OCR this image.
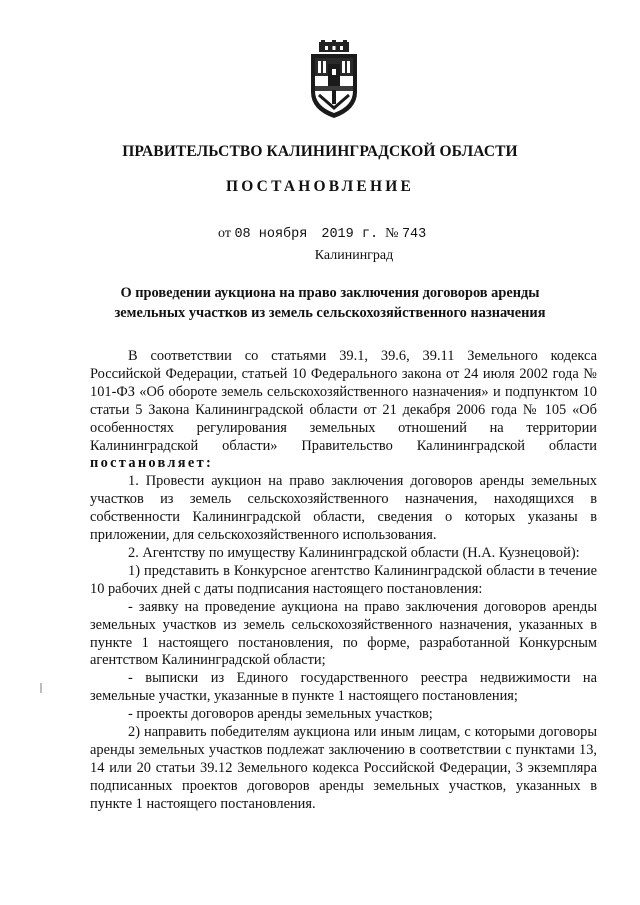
ПРАВИТЕЛЬСТВО КАЛИНИНГРАДСКОЙ ОБЛАСТИ
ПОСТАНОВЛЕНИЕ
от 08 ноября 2019 г. № 743
Калининград
О проведении аукциона на право заключения договоров аренды
земельных участков из земель сельскохозяйственного назначения

В соответствии со статьями 39.1, 39.6, 39.11 Земельного кодекса Российской Федерации, статьей 10 Федерального закона от 24 июля 2002 года № 101-ФЗ «Об обороте земель сельскохозяйственного назначения» и подпунктом 10 статьи 5 Закона Калининградской области от 21 декабря 2006 года № 105 «Об особенностях регулирования земельных отношений на территории Калининградской области» Правительство Калининградской области постановляет:

1. Провести аукцион на право заключения договоров аренды земельных участков из земель сельскохозяйственного назначения, находящихся в собственности Калининградской области, сведения о которых указаны в приложении, для сельскохозяйственного использования.

2. Агентству по имуществу Калининградской области (Н.А. Кузнецовой):

1) представить в Конкурсное агентство Калининградской области в течение 10 рабочих дней с даты подписания настоящего постановления:

- заявку на проведение аукциона на право заключения договоров аренды земельных участков из земель сельскохозяйственного назначения, указанных в пункте 1 настоящего постановления, по форме, разработанной Конкурсным агентством Калининградской области;

- выписки из Единого государственного реестра недвижимости на земельные участки, указанные в пункте 1 настоящего постановления;

- проекты договоров аренды земельных участков;

2) направить победителям аукциона или иным лицам, с которыми договоры аренды земельных участков подлежат заключению в соответствии с пунктами 13, 14 или 20 статьи 39.12 Земельного кодекса Российской Федерации, 3 экземпляра подписанных проектов договоров аренды земельных участков, указанных в пункте 1 настоящего постановления.
